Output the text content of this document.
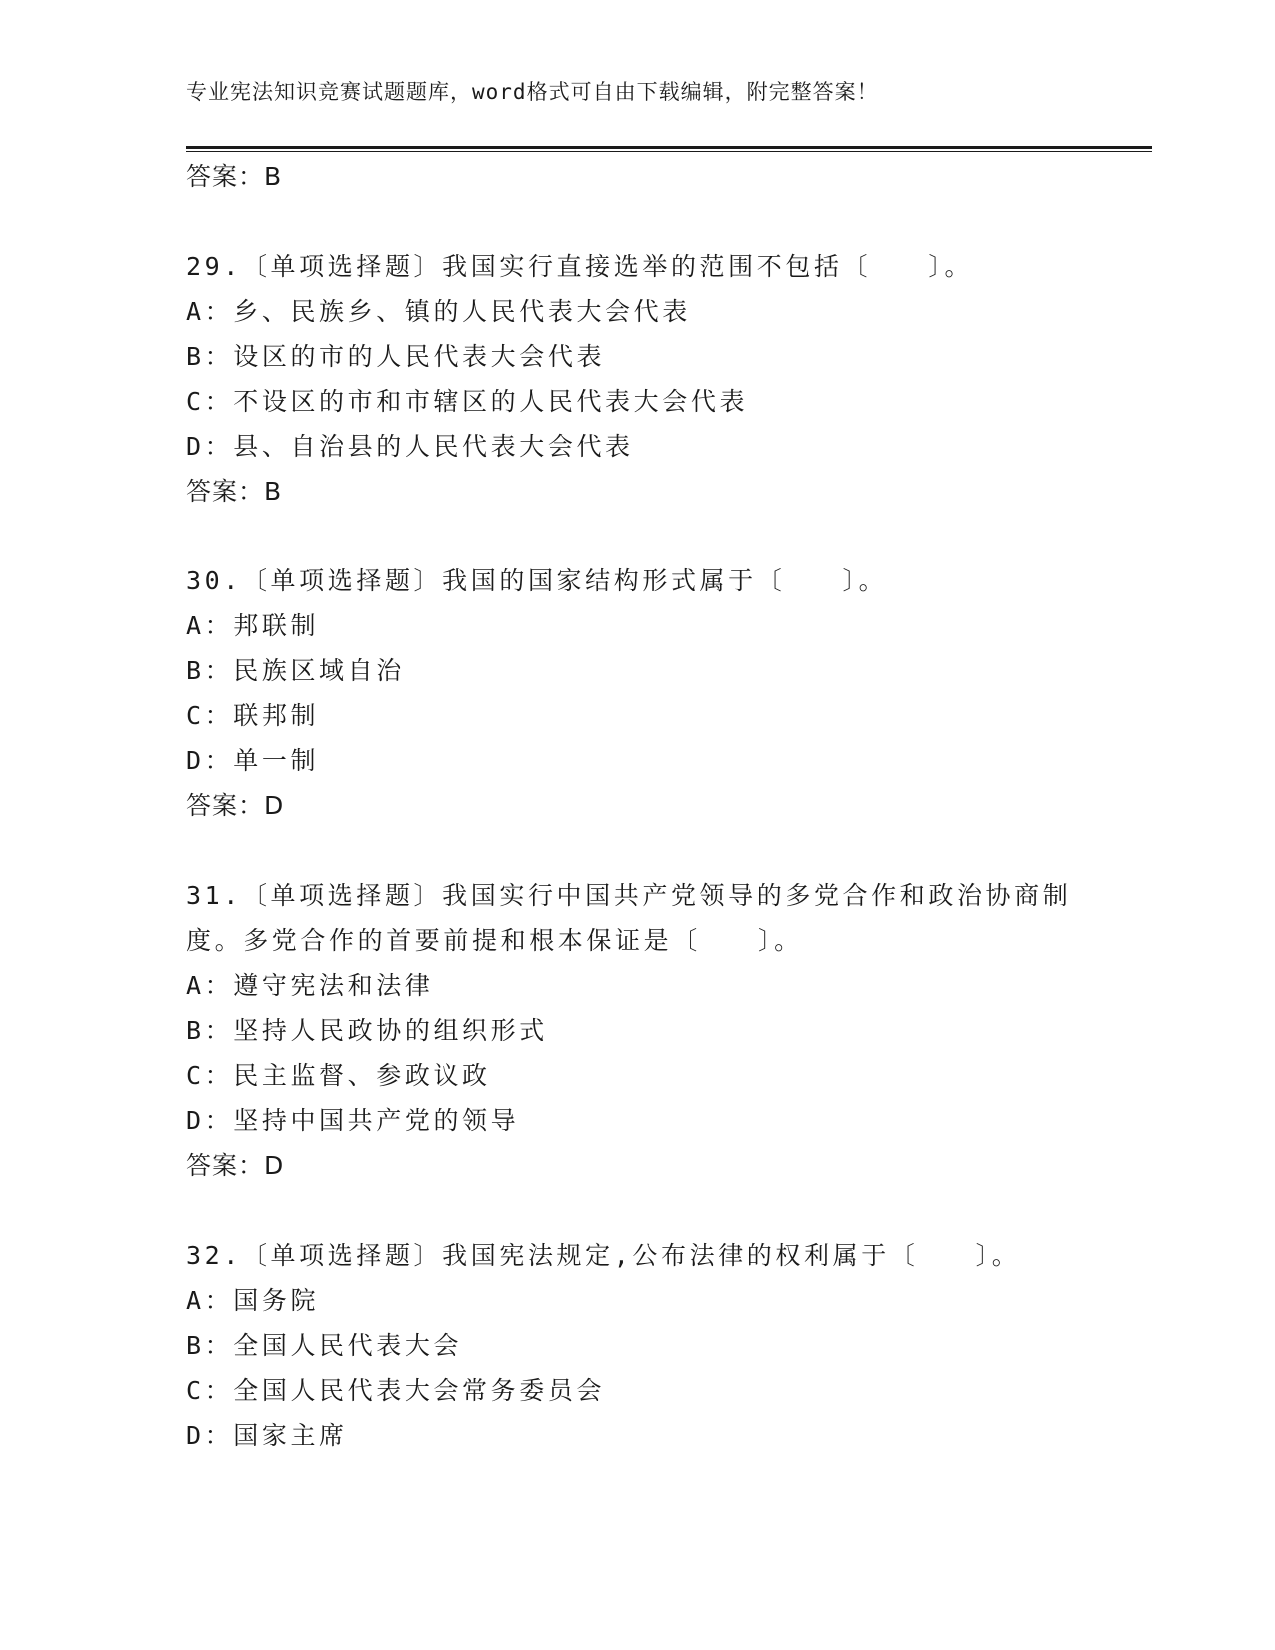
专业宪法知识竞赛试题题库，word格式可自由下载编辑，附完整答案！
答案：B
29.〔单项选择题〕我国实行直接选举的范围不包括〔　　〕。
A：乡、民族乡、镇的人民代表大会代表
B：设区的市的人民代表大会代表
C：不设区的市和市辖区的人民代表大会代表
D：县、自治县的人民代表大会代表
答案：B
30.〔单项选择题〕我国的国家结构形式属于〔　　〕。
A：邦联制
B：民族区域自治
C：联邦制
D：单一制
答案：D
31.〔单项选择题〕我国实行中国共产党领导的多党合作和政治协商制
度。多党合作的首要前提和根本保证是〔　　〕。
A：遵守宪法和法律
B：坚持人民政协的组织形式
C：民主监督、参政议政
D：坚持中国共产党的领导
答案：D
32.〔单项选择题〕我国宪法规定,公布法律的权利属于〔　　〕。
A：国务院
B：全国人民代表大会
C：全国人民代表大会常务委员会
D：国家主席
